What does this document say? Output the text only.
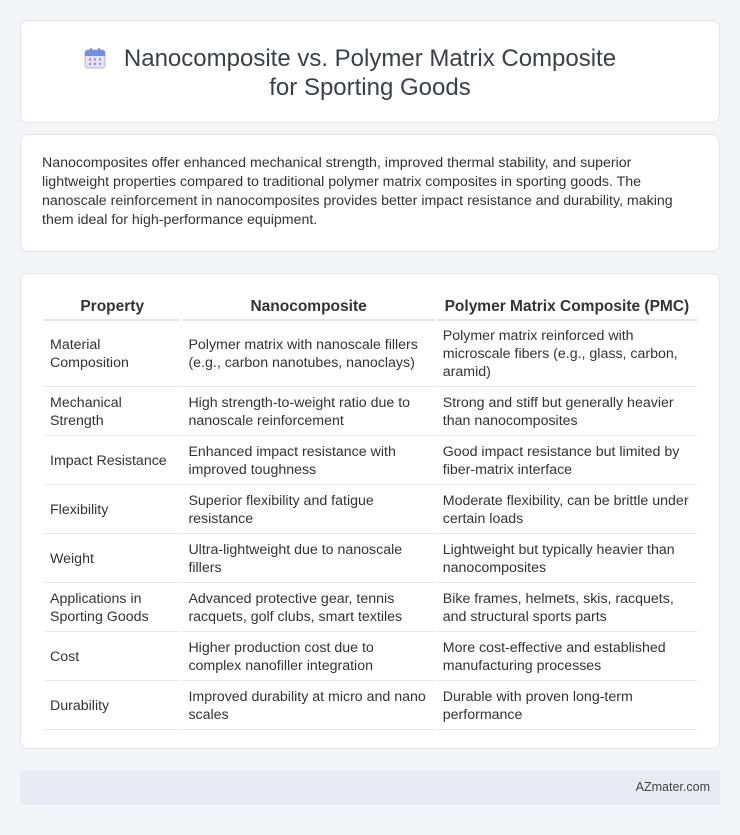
Nanocomposite vs. Polymer Matrix Composite for Sporting Goods

Nanocomposites offer enhanced mechanical strength, improved thermal stability, and superior lightweight properties compared to traditional polymer matrix composites in sporting goods. The nanoscale reinforcement in nanocomposites provides better impact resistance and durability, making them ideal for high-performance equipment.

Property	Nanocomposite	Polymer Matrix Composite (PMC)
Material Composition	Polymer matrix with nanoscale fillers (e.g., carbon nanotubes, nanoclays)	Polymer matrix reinforced with microscale fibers (e.g., glass, carbon, aramid)
Mechanical Strength	High strength-to-weight ratio due to nanoscale reinforcement	Strong and stiff but generally heavier than nanocomposites
Impact Resistance	Enhanced impact resistance with improved toughness	Good impact resistance but limited by fiber-matrix interface
Flexibility	Superior flexibility and fatigue resistance	Moderate flexibility, can be brittle under certain loads
Weight	Ultra-lightweight due to nanoscale fillers	Lightweight but typically heavier than nanocomposites
Applications in Sporting Goods	Advanced protective gear, tennis racquets, golf clubs, smart textiles	Bike frames, helmets, skis, racquets, and structural sports parts
Cost	Higher production cost due to complex nanofiller integration	More cost-effective and established manufacturing processes
Durability	Improved durability at micro and nano scales	Durable with proven long-term performance
AZmater.com
